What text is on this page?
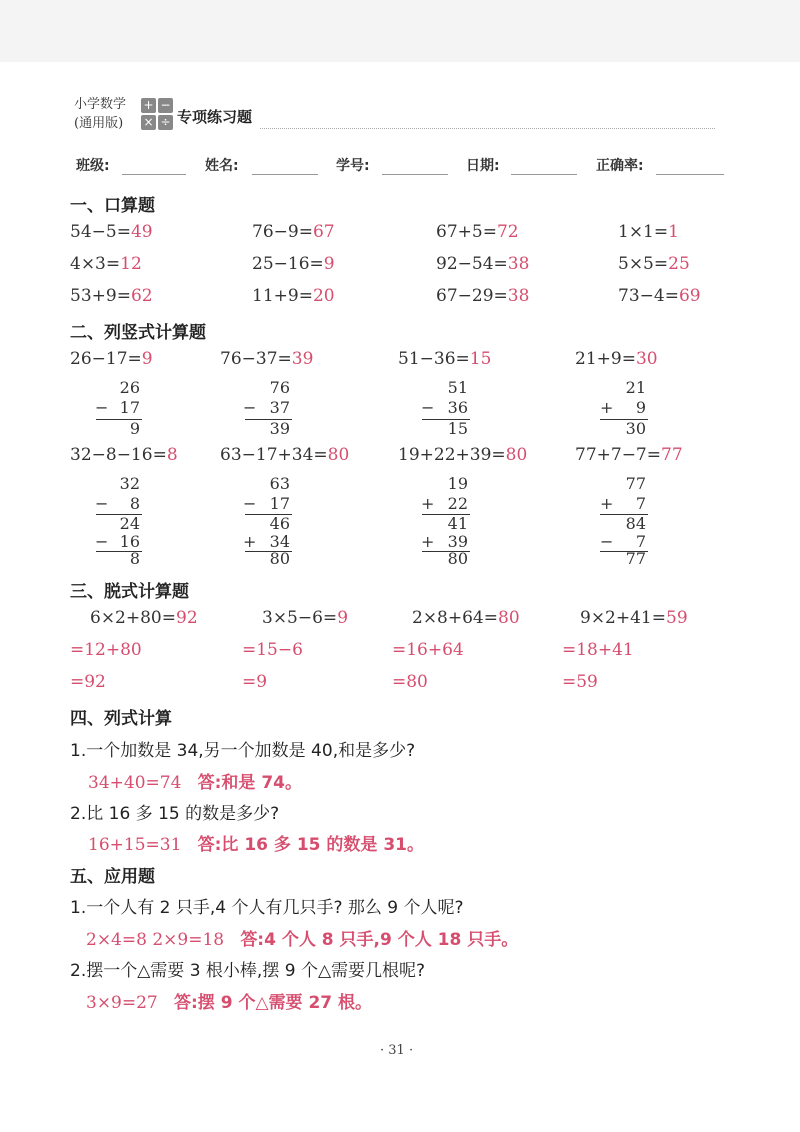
小学数学
(通用版)
+ −
× ÷ 专项练习题
班级:	姓名:	学号:	日期:	正确率:
一、口算题
54−5=49	76−9=67	67+5=72	1×1=1
4×3=12	25−16=9	92−54=38	5×5=25
53+9=62	11+9=20	67−29=38	73−4=69
二、列竖式计算题
26−17=9	76−37=39	51−36=15	21+9=30
26
− 17
9
76
− 37
39
51
− 36
15
21
+	9
30
32−8−16=8 63−17+34=80	19+22+39=80	77+7−7=77
32
−	8
24
− 16
8
63
− 17
46
+ 34
80
19
+ 22
41
+ 39
80
77
+	7
84
−	7
77
三、脱式计算题
6×2+80=92	3×5−6=9	2×8+64=80	9×2+41=59
=12+80	=15−6	=16+64	=18+41
=92	=9	=80	=59
四、列式计算
1.一个加数是 34,另一个加数是 40,和是多少?
34+40=74 答:和是 74。
2.比 16 多 15 的数是多少?
16+15=31 答:比 16 多 15 的数是 31。
五、应用题
1.一个人有 2 只手,4 个人有几只手? 那么 9 个人呢?
2×4=8 2×9=18 答:4 个人 8 只手,9 个人 18 只手。
2.摆一个△需要 3 根小棒,摆 9 个△需要几根呢?
3×9=27 答:摆 9 个△需要 27 根。
· 31 ·
